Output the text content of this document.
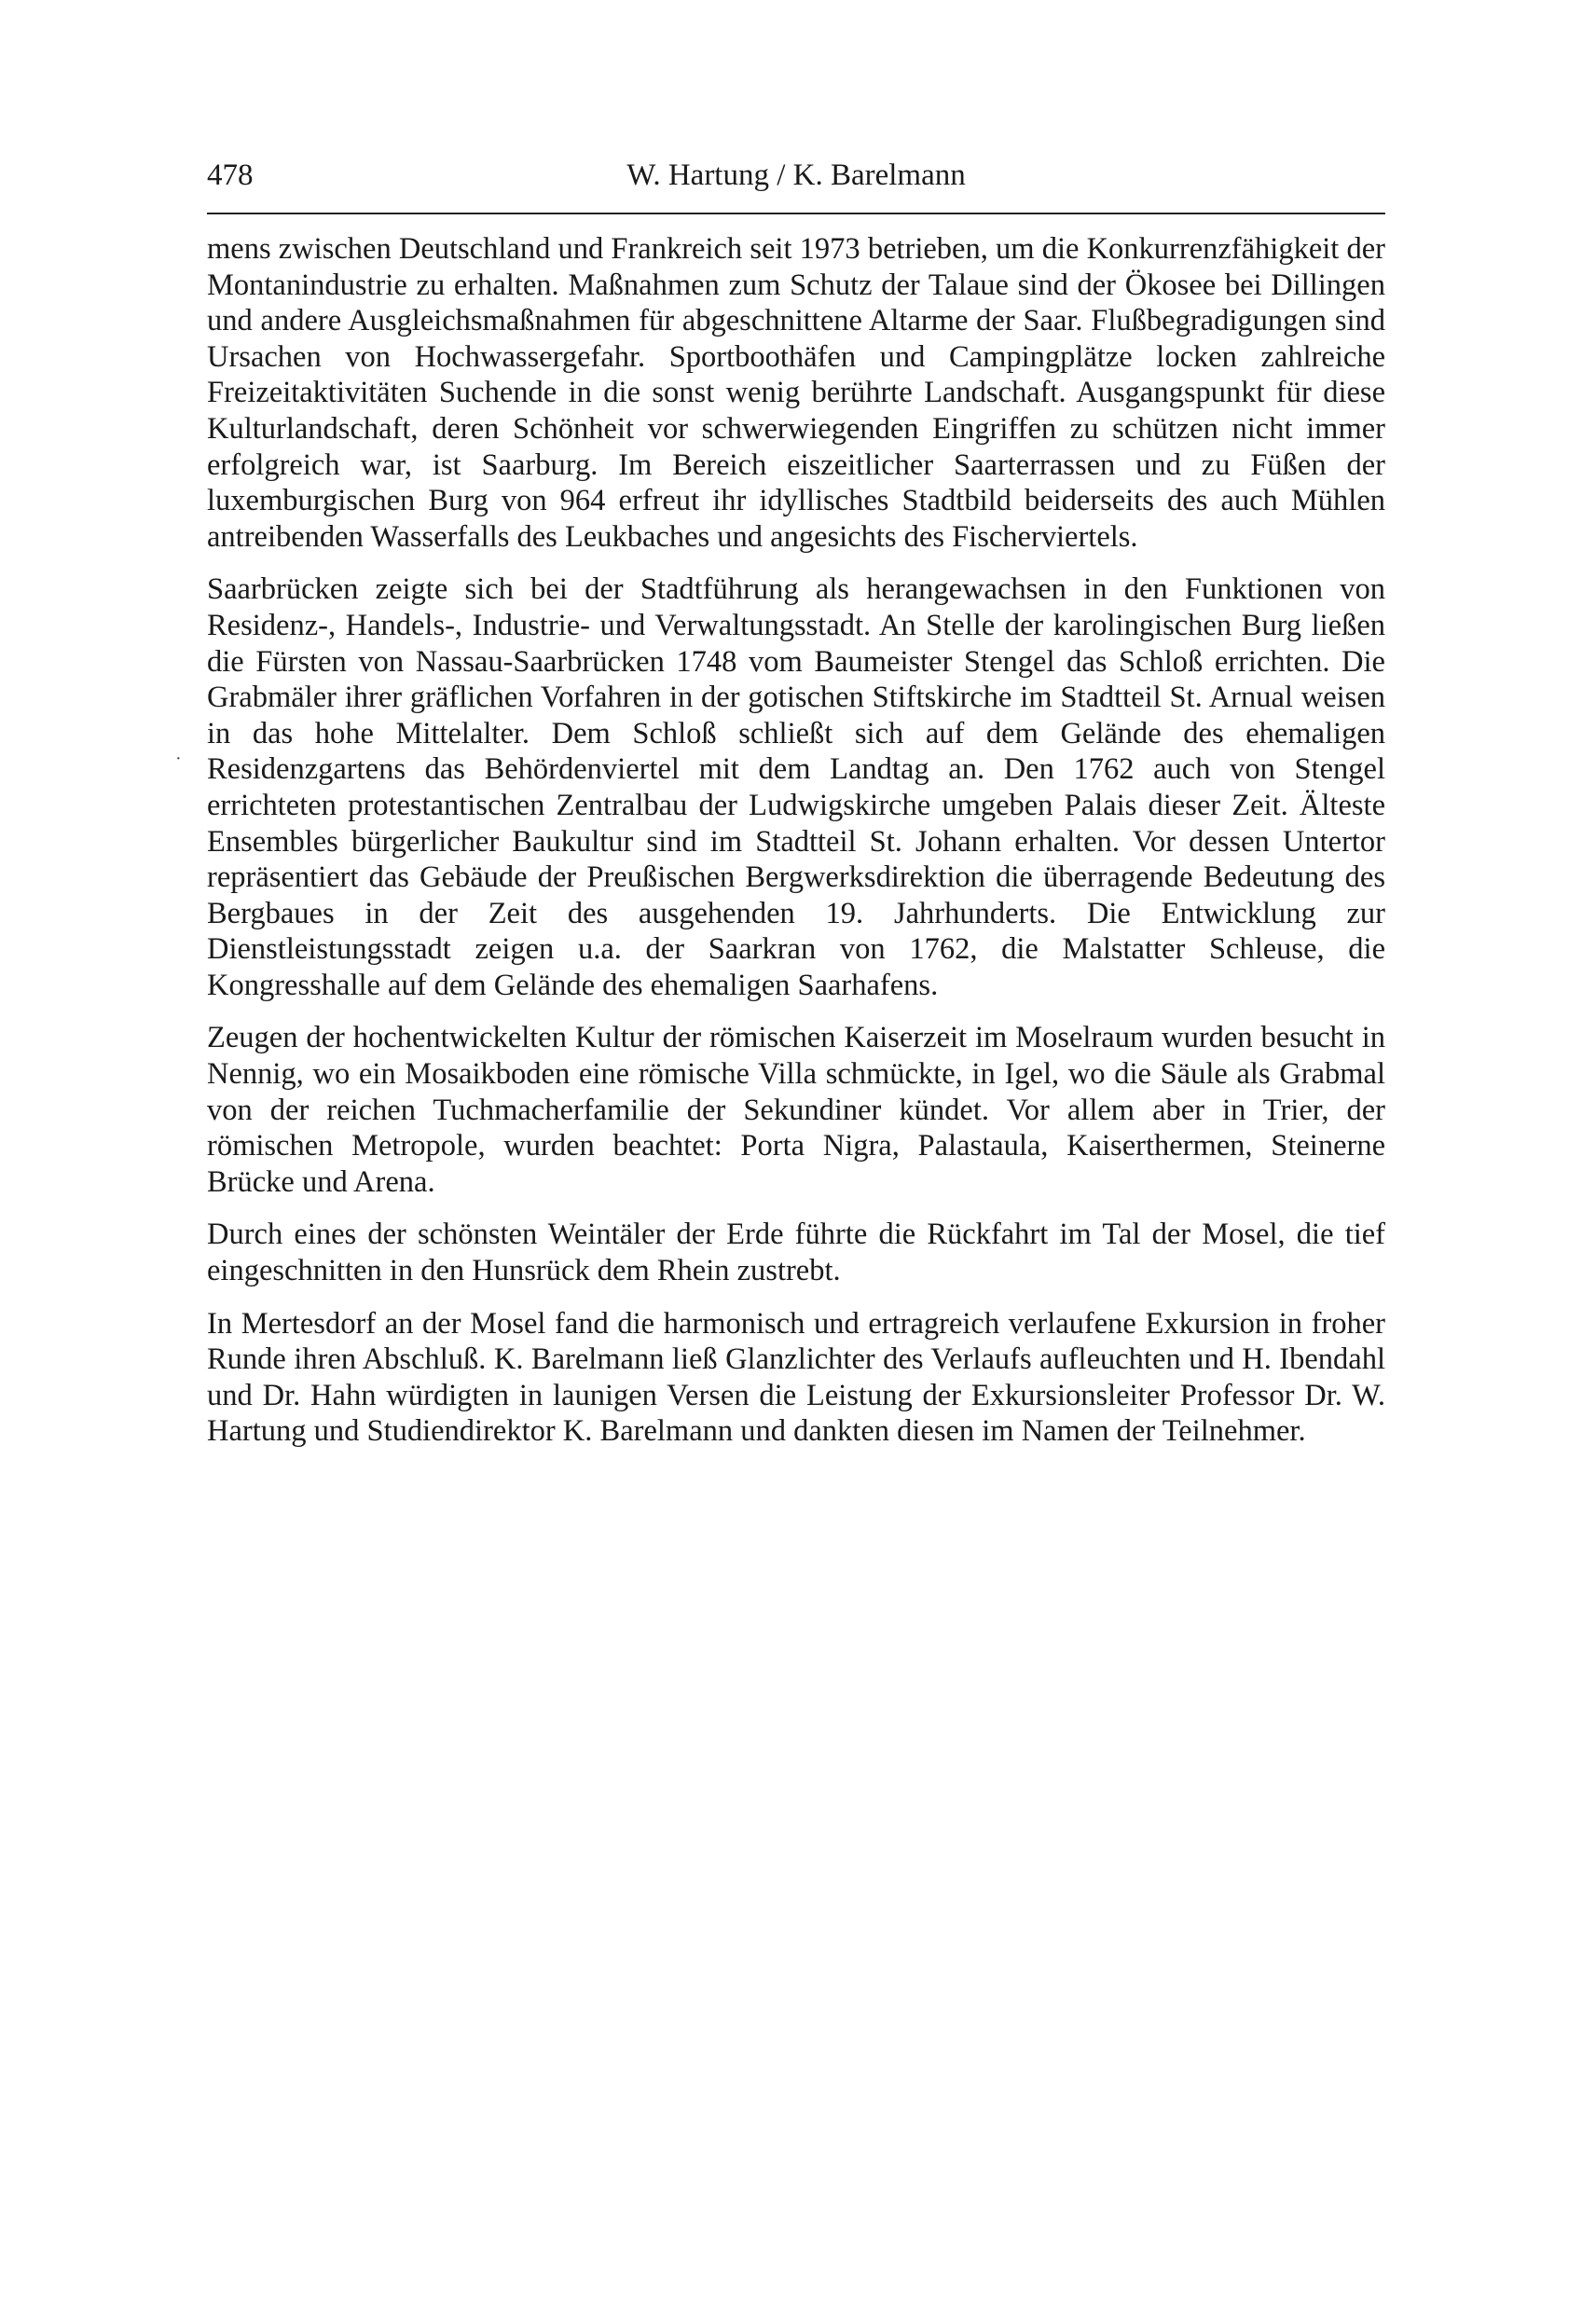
478	W. Hartung / K. Barelmann
·

mens zwischen Deutschland und Frankreich seit 1973 betrieben, um die Konkurrenzfähigkeit der Montanindustrie zu erhalten. Maßnahmen zum Schutz der Talaue sind der Ökosee bei Dillingen und andere Ausgleichsmaßnahmen für abgeschnittene Altarme der Saar. Flußbegradigungen sind Ursachen von Hochwassergefahr. Sportboothäfen und Campingplätze locken zahlreiche Freizeitaktivitäten Suchende in die sonst wenig berührte Landschaft. Ausgangspunkt für diese Kulturlandschaft, deren Schönheit vor schwerwiegenden Eingriffen zu schützen nicht immer erfolgreich war, ist Saarburg. Im Bereich eiszeitlicher Saarterrassen und zu Füßen der luxemburgischen Burg von 964 erfreut ihr idyllisches Stadtbild beiderseits des auch Mühlen antreibenden Wasserfalls des Leukbaches und angesichts des Fischerviertels.

Saarbrücken zeigte sich bei der Stadtführung als herangewachsen in den Funktionen von Residenz-, Handels-, Industrie- und Verwaltungsstadt. An Stelle der karolingischen Burg ließen die Fürsten von Nassau-Saarbrücken 1748 vom Baumeister Stengel das Schloß errichten. Die Grabmäler ihrer gräflichen Vorfahren in der gotischen Stiftskirche im Stadtteil St. Arnual weisen in das hohe Mittelalter. Dem Schloß schließt sich auf dem Gelände des ehemaligen Residenzgartens das Behördenviertel mit dem Landtag an. Den 1762 auch von Stengel errichteten protestantischen Zentralbau der Ludwigskirche umgeben Palais dieser Zeit. Älteste Ensembles bürgerlicher Baukultur sind im Stadtteil St. Johann erhalten. Vor dessen Untertor repräsentiert das Gebäude der Preußischen Bergwerksdirektion die überragende Bedeutung des Bergbaues in der Zeit des ausgehenden 19. Jahrhunderts. Die Entwicklung zur Dienstleistungsstadt zeigen u.a. der Saarkran von 1762, die Malstatter Schleuse, die Kongresshalle auf dem Gelände des ehemaligen Saarhafens.

Zeugen der hochentwickelten Kultur der römischen Kaiserzeit im Moselraum wurden besucht in Nennig, wo ein Mosaikboden eine römische Villa schmückte, in Igel, wo die Säule als Grabmal von der reichen Tuchmacherfamilie der Sekundiner kündet. Vor allem aber in Trier, der römischen Metropole, wurden beachtet: Porta Nigra, Palastaula, Kaiserthermen, Steinerne Brücke und Arena.

Durch eines der schönsten Weintäler der Erde führte die Rückfahrt im Tal der Mosel, die tief eingeschnitten in den Hunsrück dem Rhein zustrebt.

In Mertesdorf an der Mosel fand die harmonisch und ertragreich verlaufene Exkursion in froher Runde ihren Abschluß. K. Barelmann ließ Glanzlichter des Verlaufs aufleuchten und H. Ibendahl und Dr. Hahn würdigten in launigen Versen die Leistung der Exkursionsleiter Professor Dr. W. Hartung und Studiendirektor K. Barelmann und dankten diesen im Namen der Teilnehmer.
